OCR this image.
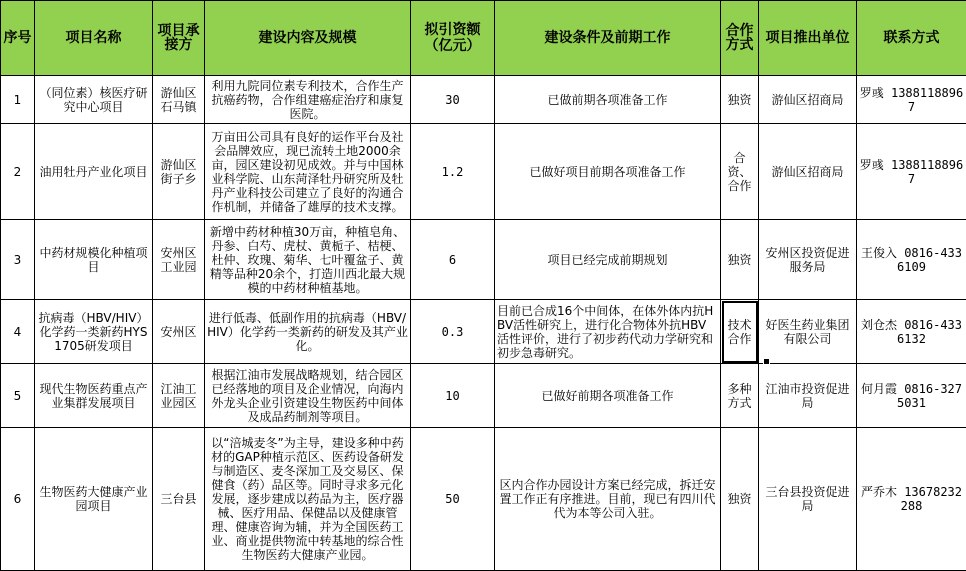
序号	项目名称	项目承接方	建设内容及规模	拟引资额（亿元）	建设条件及前期工作	合作方式	项目推出单位	联系方式
1	（同位素）核医疗研究中心项目	游仙区石马镇	利用九院同位素专利技术，合作生产抗癌药物，合作组建癌症治疗和康复医院。	30	已做前期各项准备工作	独资	游仙区招商局	罗彧 13881188967
2	油用牡丹产业化项目	游仙区街子乡	万亩田公司具有良好的运作平台及社会品牌效应，现已流转土地2000余亩，园区建设初见成效。并与中国林业科学院、山东菏泽牡丹研究所及牡丹产业科技公司建立了良好的沟通合作机制，并储备了雄厚的技术支撑。	1.2	已做好项目前期各项准备工作	合资、合作	游仙区招商局	罗彧 13881188967
3	中药材规模化种植项目	安州区工业园	新增中药材种植30万亩，种植皂角、丹参、白芍、虎杖、黄栀子、桔梗、杜仲、玫瑰、菊华、七叶覆盆子、黄精等品种20余个，打造川西北最大规模的中药材种植基地。	6	项目已经完成前期规划	独资	安州区投资促进服务局	王俊入 0816-4336109
4	抗病毒（HBV/HIV）化学药一类新药HYS1705研发项目	安州区	进行低毒、低副作用的抗病毒（HBV/HIV）化学药一类新药的研发及其产业化。	0.3	目前已合成16个中间体，在体外体内抗HBV活性研究上，进行化合物体外抗HBV活性评价，进行了初步药代动力学研究和初步急毒研究。	技术合作	好医生药业集团有限公司	刘仓杰 0816-4336132
5	现代生物医药重点产业集群发展项目	江油工业园区	根据江油市发展战略规划，结合园区已经落地的项目及企业情况，向海内外龙头企业引资建设生物医药中间体及成品药制剂等项目。	10	已做好前期各项准备工作	多种方式	江油市投资促进局	何月霞 0816-3275031
6	生物医药大健康产业园项目	三台县	以“涪城麦冬”为主导，建设多种中药材的GAP种植示范区、医药设备研发与制造区、麦冬深加工及交易区、保健食（药）品区等。同时寻求多元化发展，逐步建成以药品为主，医疗器械、医疗用品、保健品以及健康管理、健康咨询为辅，并为全国医药工业、商业提供物流中转基地的综合性生物医药大健康产业园。	50	区内合作办园设计方案已经完成，拆迁安置工作正有序推进。目前，现已有四川代代为本等公司入驻。	独资	三台县投资促进局	严乔木 13678232288
